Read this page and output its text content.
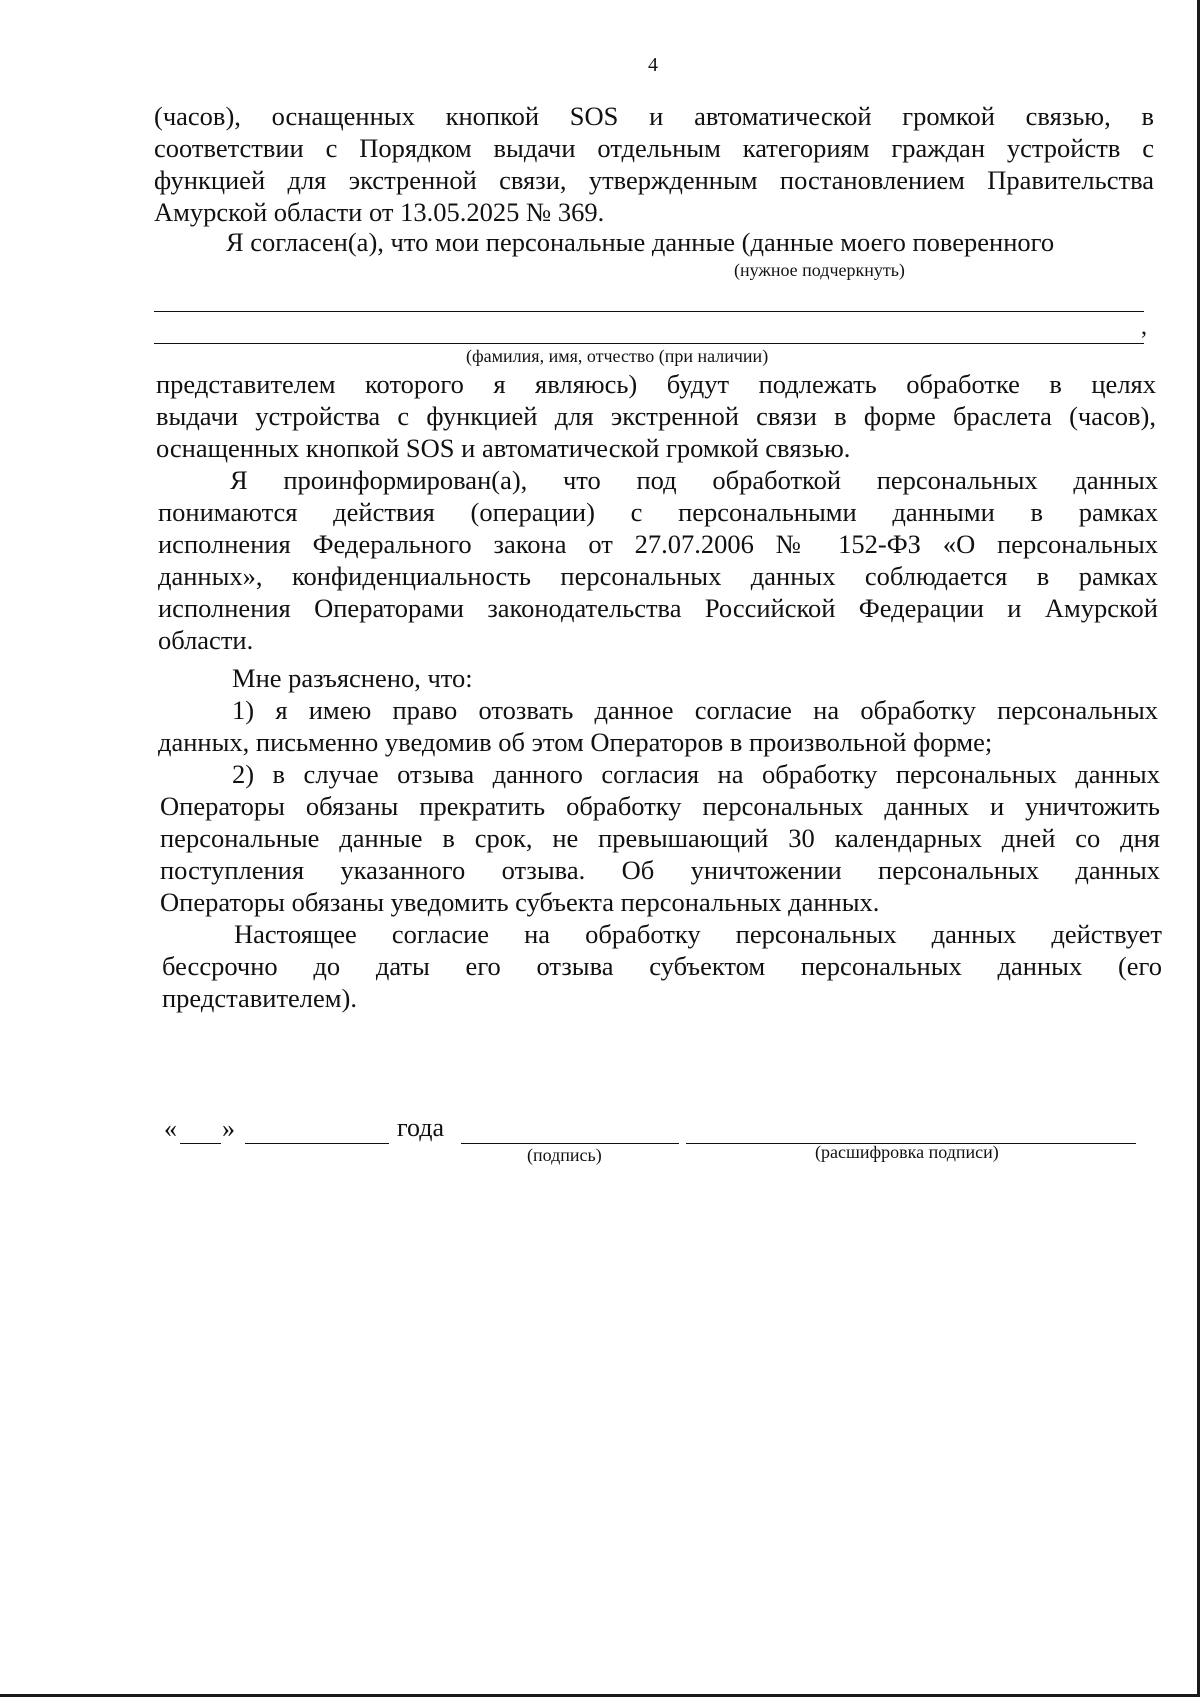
4
(часов), оснащенных кнопкой SOS и автоматической громкой связью, в
соответствии с Порядком выдачи отдельным категориям граждан устройств с
функцией для экстренной связи, утвержденным постановлением Правительства
Амурской области от 13.05.2025 № 369.
Я согласен(а), что мои персональные данные (данные моего поверенного
(нужное подчеркнуть)
,
(фамилия, имя, отчество (при наличии)
представителем которого я являюсь) будут подлежать обработке в целях
выдачи устройства с функцией для экстренной связи в форме браслета (часов),
оснащенных кнопкой SOS и автоматической громкой связью.
Я проинформирован(а), что под обработкой персональных данных
понимаются действия (операции) с персональными данными в рамках
исполнения Федерального закона от 27.07.2006 № 152-ФЗ «О персональных
данных», конфиденциальность персональных данных соблюдается в рамках
исполнения Операторами законодательства Российской Федерации и Амурской
области.
Мне разъяснено, что:
1) я имею право отозвать данное согласие на обработку персональных
данных, письменно уведомив об этом Операторов в произвольной форме;
2) в случае отзыва данного согласия на обработку персональных данных
Операторы обязаны прекратить обработку персональных данных и уничтожить
персональные данные в срок, не превышающий 30 календарных дней со дня
поступления указанного отзыва. Об уничтожении персональных данных
Операторы обязаны уведомить субъекта персональных данных.
Настоящее согласие на обработку персональных данных действует
бессрочно до даты его отзыва субъектом персональных данных (его
представителем).
« »	года
(подпись)	(расшифровка подписи)
